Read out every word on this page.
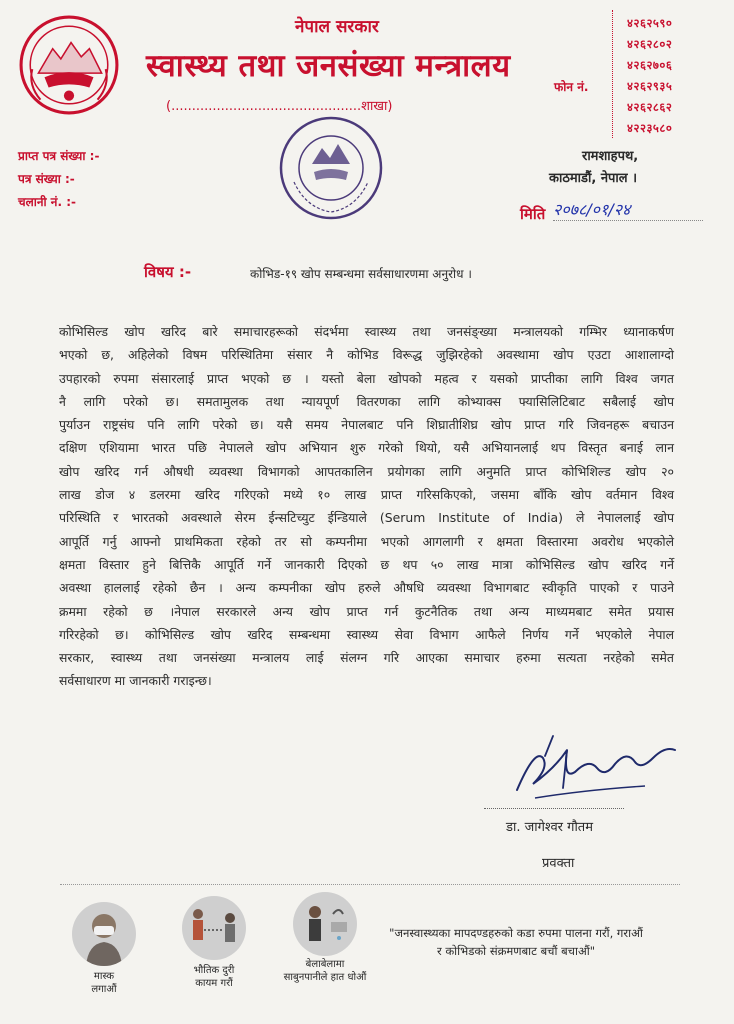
नेपाल सरकार
स्वास्थ्य तथा जनसंख्या मन्त्रालय
(..............................................शाखा)
फोन नं.
४२६२५९०
४२६२८०२
४२६२७०६
४२६२९३५
४२६२८६२
४२२३५८०
प्राप्त पत्र संख्या :-
पत्र संख्या :-
चलानी नं. :-
रामशाहपथ,
काठमाडौं, नेपाल ।
मिति २०७८/०१/२४
विषय :-	कोभिड-१९ खोप सम्बन्धमा सर्वसाधारणमा अनुरोध ।
कोभिसिल्ड खोप खरिद बारे समाचारहरूको संदर्भमा स्वास्थ्य तथा जनसंङ्ख्या मन्त्रालयको गम्भिर ध्यानाकर्षण
भएको छ, अहिलेको विषम परिस्थितिमा संसार नै कोभिड विरूद्ध जुझिरहेको अवस्थामा खोप एउटा आशालाग्दो
उपहारको रुपमा संसारलाई प्राप्त भएको छ । यस्तो बेला खोपको महत्व र यसको प्राप्तीका लागि विश्व जगत
नै लागि परेको छ। समतामुलक तथा न्यायपूर्ण वितरणका लागि कोभ्याक्स फ्यासिलिटिबाट सबैलाई खोप
पुर्याउन राष्ट्रसंघ पनि लागि परेको छ। यसै समय नेपालबाट पनि शिघ्रातीशिघ्र खोप प्राप्त गरि जिवनहरू बचाउन
दक्षिण एशियामा भारत पछि नेपालले खोप अभियान शुरु गरेको थियो, यसै अभियानलाई थप विस्तृत बनाई लान
खोप खरिद गर्न औषधी व्यवस्था विभागको आपतकालिन प्रयोगका लागि अनुमति प्राप्त कोभिशिल्ड खोप २०
लाख डोज ४ डलरमा खरिद गरिएको मध्ये १० लाख प्राप्त गरिसकिएको, जसमा बाँकि खोप वर्तमान विश्व
परिस्थिति र भारतको अवस्थाले सेरम ईन्सटिच्युट ईन्डियाले (Serum Institute of India) ले नेपाललाई खोप
आपूर्ति गर्नु आफ्नो प्राथमिकता रहेको तर सो कम्पनीमा भएको आगलागी र क्षमता विस्तारमा अवरोध भएकोले
क्षमता विस्तार हुने बित्तिकै आपूर्ति गर्ने जानकारी दिएको छ थप ५० लाख मात्रा कोभिसिल्ड खोप खरिद गर्ने
अवस्था हाललाई रहेको छैन । अन्य कम्पनीका खोप हरुले औषधि व्यवस्था विभागबाट स्वीकृति पाएको र पाउने
क्रममा रहेको छ ।नेपाल सरकारले अन्य खोप प्राप्त गर्न कुटनैतिक तथा अन्य माध्यमबाट समेत प्रयास
गरिरहेको छ। कोभिसिल्ड खोप खरिद सम्बन्धमा स्वास्थ्य सेवा विभाग आफैले निर्णय गर्ने भएकोले नेपाल
सरकार, स्वास्थ्य तथा जनसंख्या मन्त्रालय लाई संलग्न गरि आएका समाचार हरुमा सत्यता नरहेको समेत
सर्वसाधारण मा जानकारी गराइन्छ।
डा. जागेश्वर गौतम
प्रवक्ता
मास्क
लगाऔं
भौतिक दुरी
कायम गरौं
बेलाबेलामा
साबुनपानीले हात धोऔं
"जनस्वास्थ्यका मापदण्डहरुको कडा रुपमा पालना गरौं, गराऔं
र कोभिडको संक्रमणबाट बचौं बचाऔं"
